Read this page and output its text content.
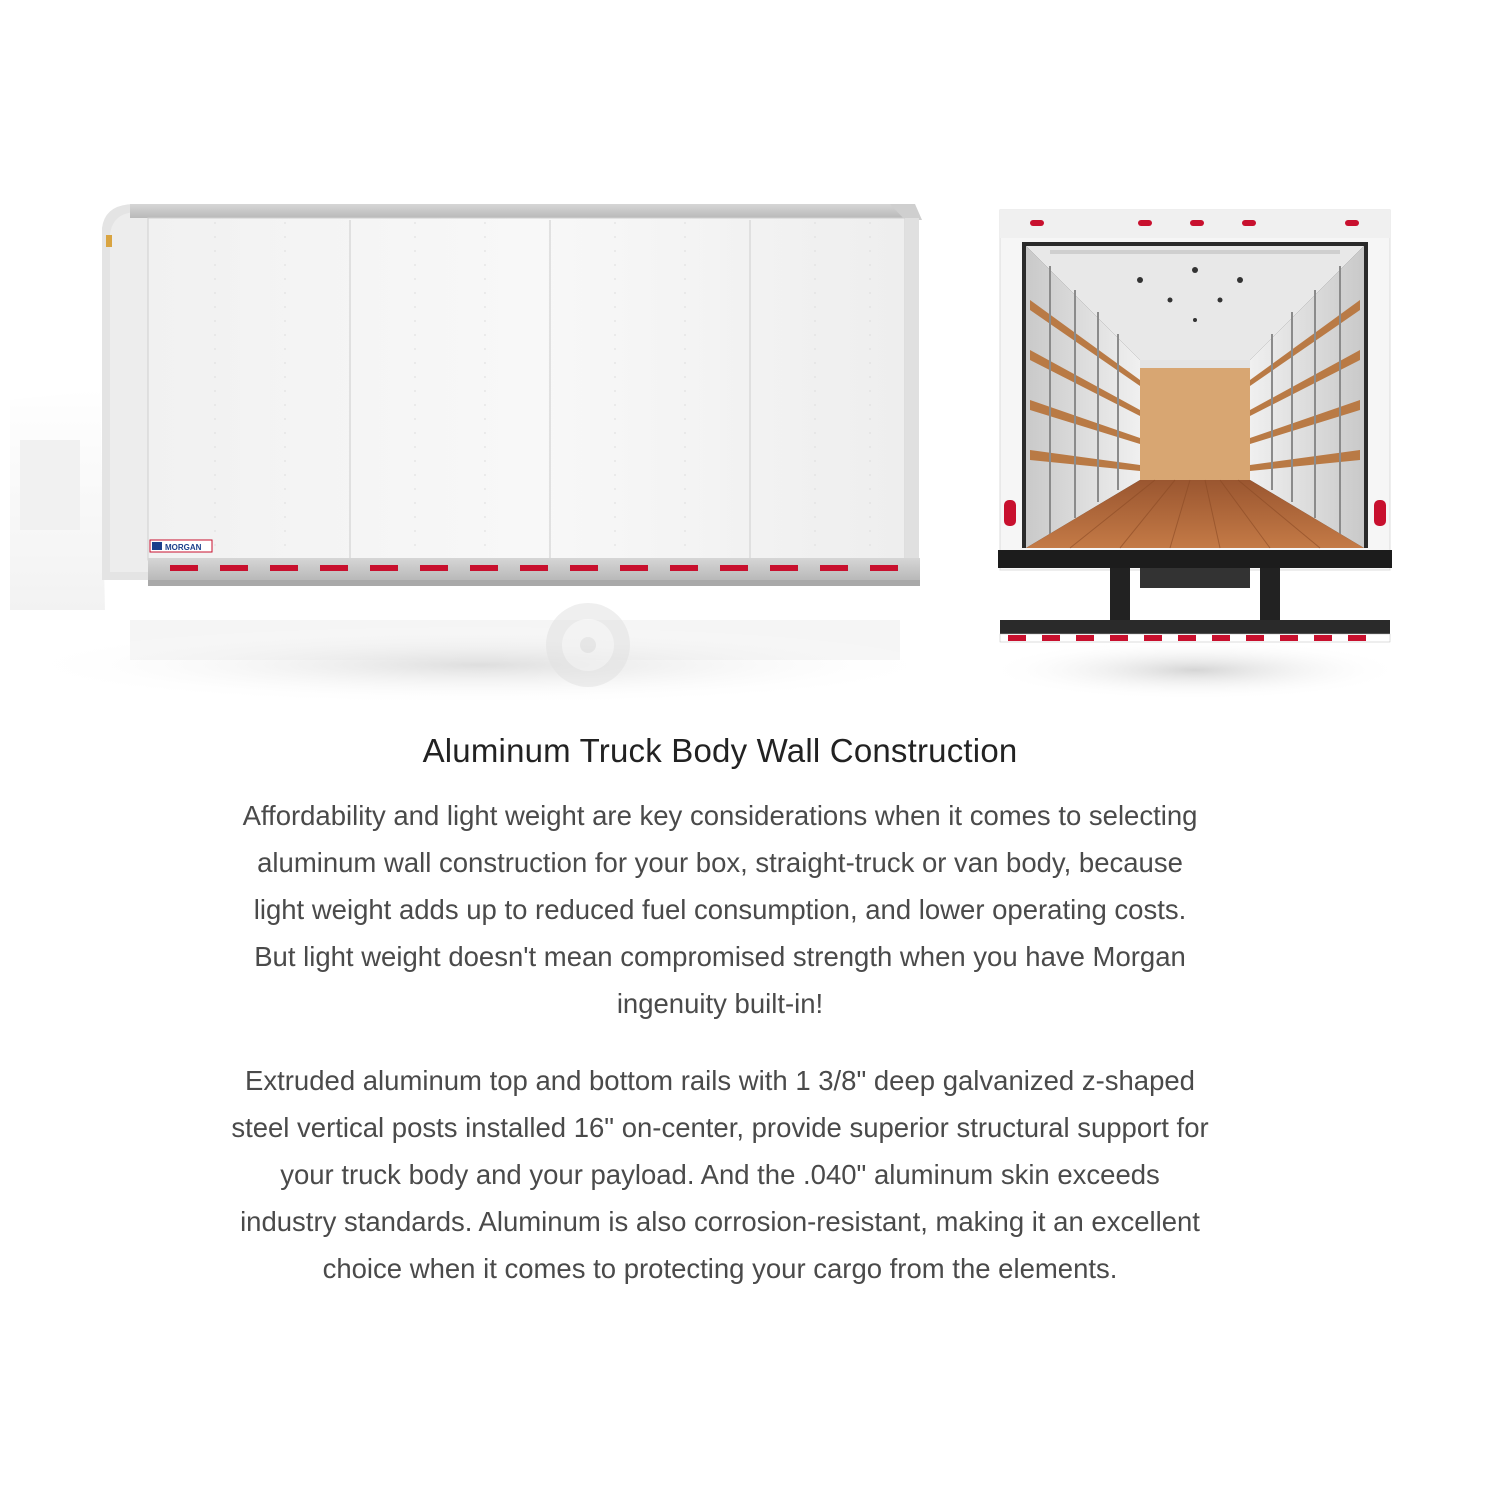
MORGAN
Aluminum Truck Body Wall Construction

Affordability and light weight are key considerations when it comes to selecting aluminum wall construction for your box, straight-truck or van body, because light weight adds up to reduced fuel consumption, and lower operating costs. But light weight doesn't mean compromised strength when you have Morgan ingenuity built-in!

Extruded aluminum top and bottom rails with 1 3/8" deep galvanized z-shaped steel vertical posts installed 16" on-center, provide superior structural support for your truck body and your payload. And the .040" aluminum skin exceeds industry standards. Aluminum is also corrosion-resistant, making it an excellent choice when it comes to protecting your cargo from the elements.
